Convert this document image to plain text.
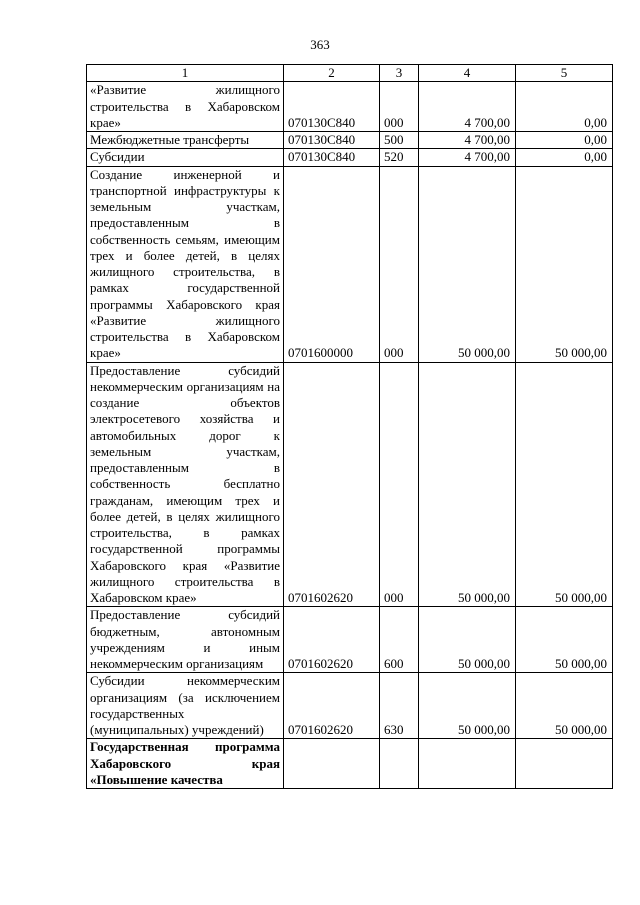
363
1	2	3	4	5
«Развитие жилищного строительства в Хабаровском крае»	070130С840	000	4 700,00	0,00
Межбюджетные трансферты	070130С840	500	4 700,00	0,00
Субсидии	070130С840	520	4 700,00	0,00
Создание инженерной и транспортной инфраструктуры к земельным участкам, предоставленным в собственность семьям, имеющим трех и более детей, в целях жилищного строительства, в рамках государственной программы Хабаровского края «Развитие жилищного строительства в Хабаровском крае»	0701600000	000	50 000,00	50 000,00
Предоставление субсидий некоммерческим организациям на создание объектов электросетевого хозяйства и автомобильных дорог к земельным участкам, предоставленным в собственность бесплатно гражданам, имеющим трех и более детей, в целях жилищного строительства, в рамках государственной программы Хабаровского края «Развитие жилищного строительства в Хабаровском крае»	0701602620	000	50 000,00	50 000,00
Предоставление субсидий бюджетным, автономным учреждениям и иным некоммерческим организациям	0701602620	600	50 000,00	50 000,00
Субсидии некоммерческим организациям (за исключением государственных (муниципальных) учреждений)	0701602620	630	50 000,00	50 000,00
Государственная программа Хабаровского края «Повышение качества				
